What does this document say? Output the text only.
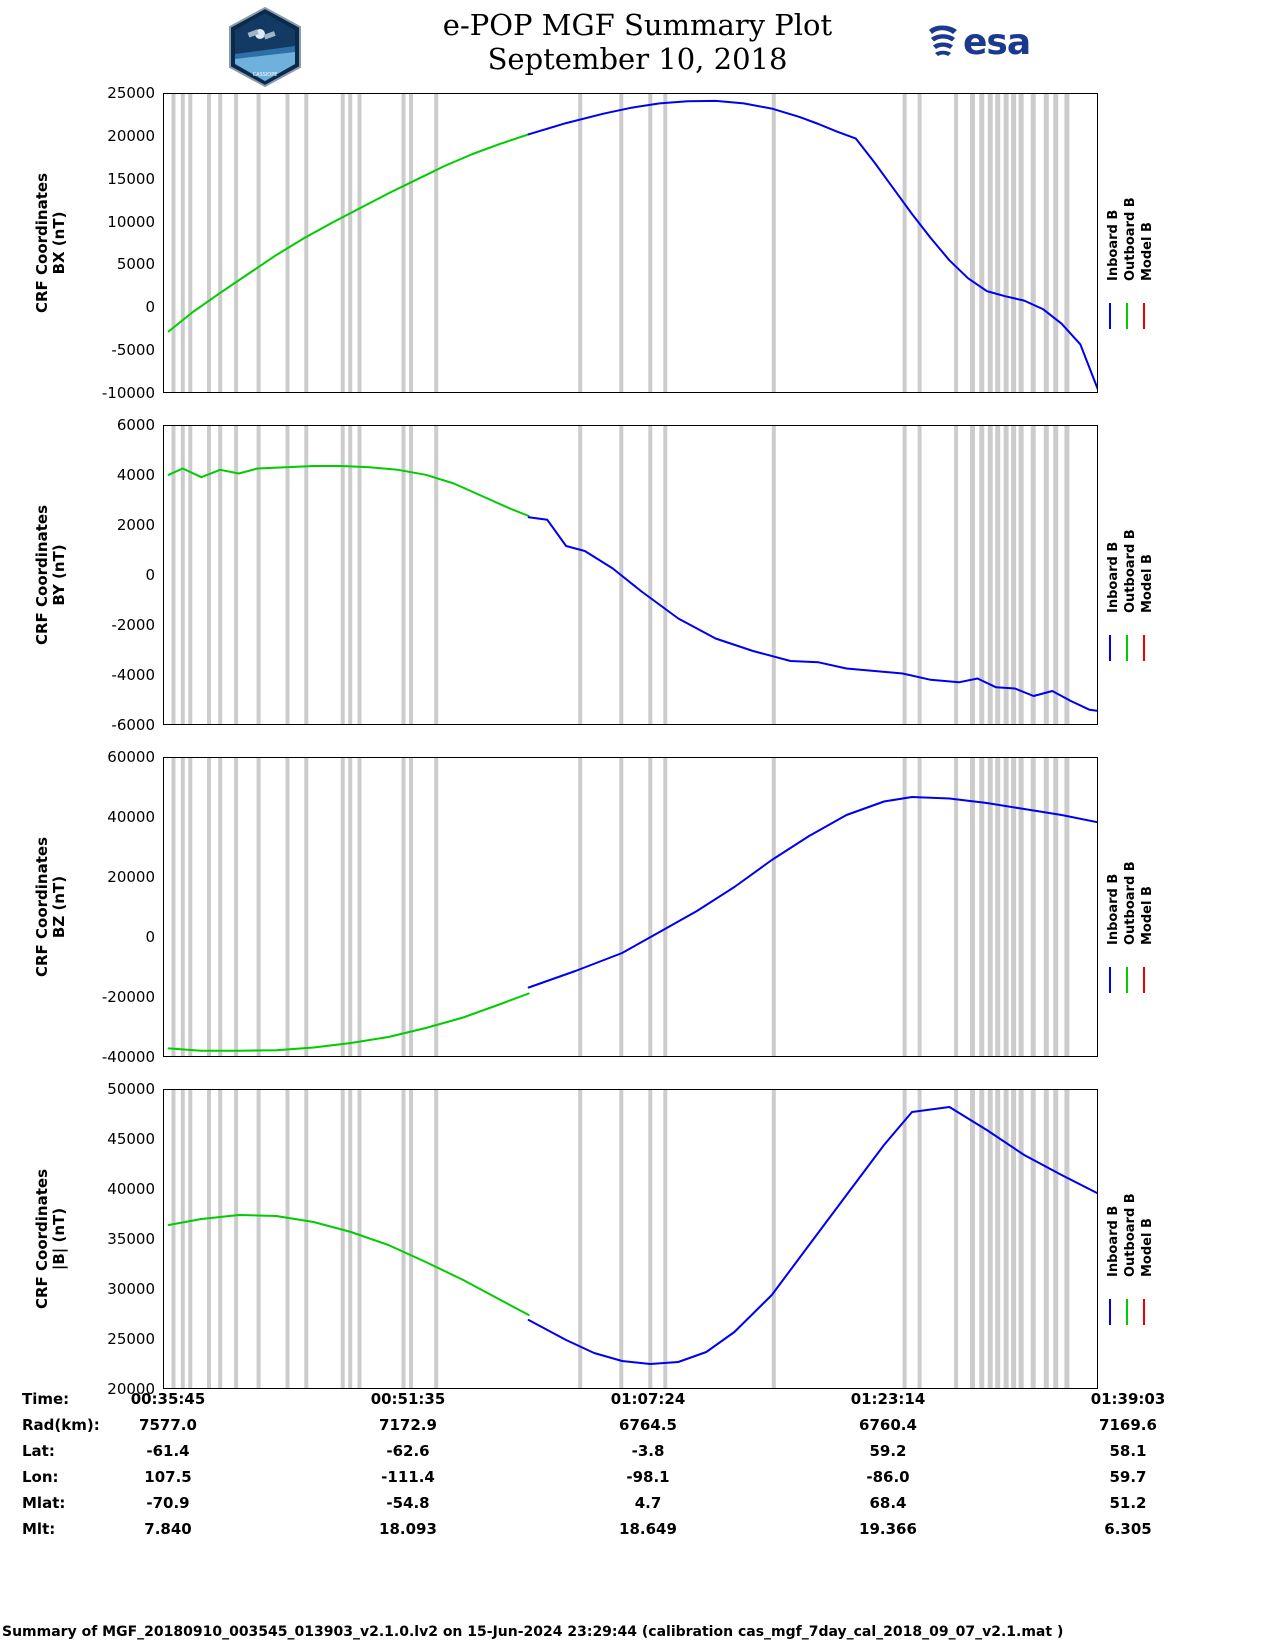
e-POP MGF Summary Plot
September 10, 2018
CASSIOPE
esa
CRF Coordinates BX (nT)
-10000
-5000
0
5000
10000
15000
20000
25000
Inboard B Outboard B Model B
CRF Coordinates BY (nT)
-6000
-4000
-2000
0
2000
4000
6000
Inboard B Outboard B Model B
CRF Coordinates BZ (nT)
-40000
-20000
0
20000
40000
60000
Inboard B Outboard B Model B
CRF Coordinates |B| (nT)
20000
25000
30000
35000
40000
45000
50000
Inboard B Outboard B Model B
Time:	00:35:45	00:51:35	01:07:24	01:23:14	01:39:03
Rad(km):	7577.0	7172.9	6764.5	6760.4	7169.6
Lat:	-61.4	-62.6	-3.8	59.2	58.1
Lon:	107.5	-111.4	-98.1	-86.0	59.7
Mlat:	-70.9	-54.8	4.7	68.4	51.2
Mlt:	7.840	18.093	18.649	19.366	6.305
Summary of MGF_20180910_003545_013903_v2.1.0.lv2 on 15-Jun-2024 23:29:44 (calibration cas_mgf_7day_cal_2018_09_07_v2.1.mat )
